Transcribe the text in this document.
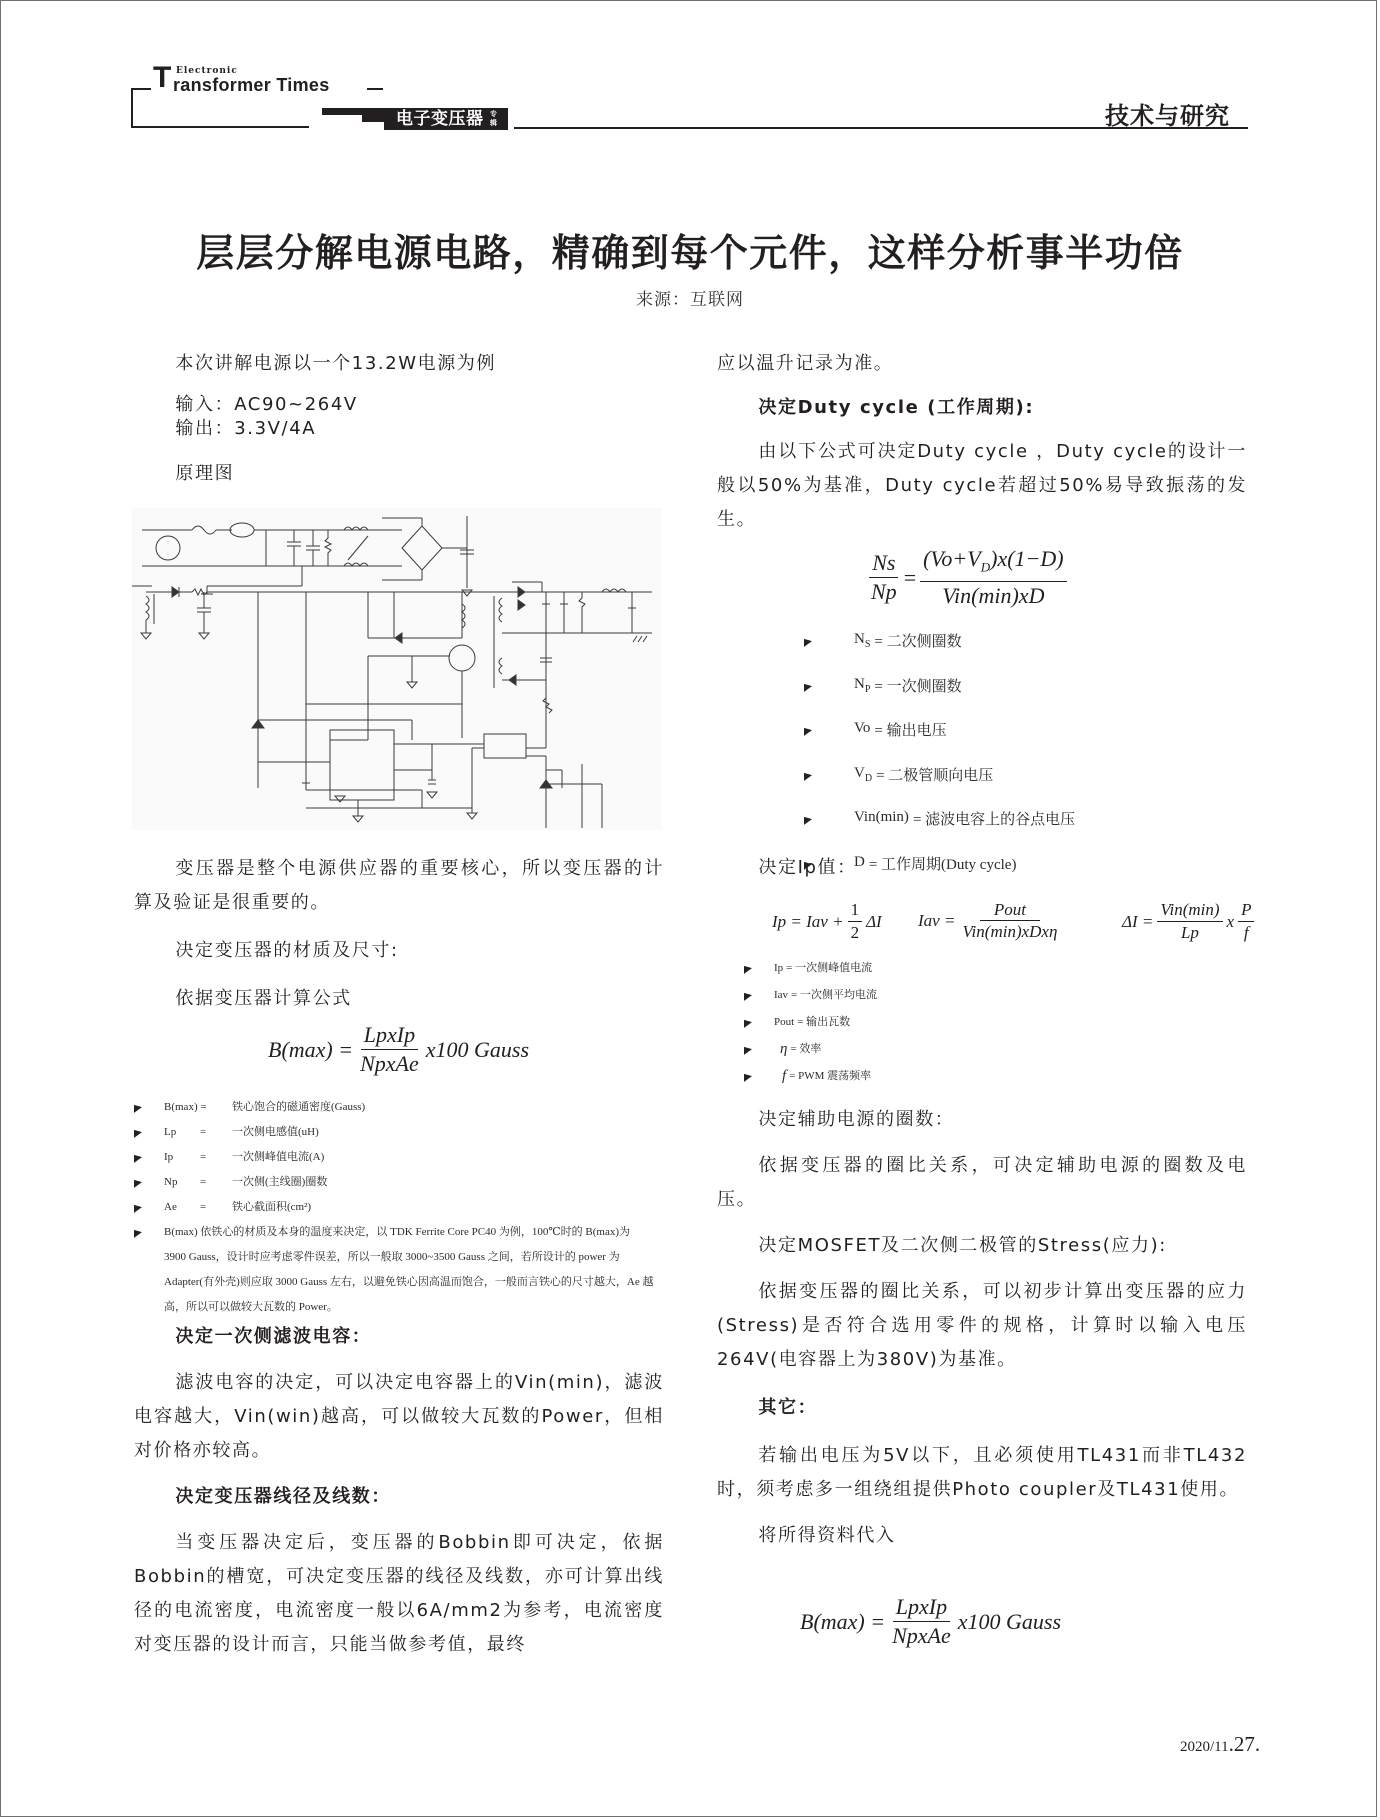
T Electronic
ransformer Times
电子变压器 专辑	技术与研究
层层分解电源电路，精确到每个元件，这样分析事半功倍
来源：互联网

本次讲解电源以一个13.2W电源为例

输入：AC90~264V

输出：3.3V/4A

原理图

变压器是整个电源供应器的重要核心，所以变压器的计算及验证是很重要的。

决定变压器的材质及尺寸:

依据变压器计算公式

$B(\max) = \frac{\text{LpxIp}}{\text{NpxAe}} x100$ Gauss
B(max) =	铁心饱合的磁通密度(Gauss)
Lp	=	一次侧电感值(uH)
Ip	=	一次侧峰值电流(A)
Np	=	一次侧(主线圈)圈数
Ae	=	铁心截面积(cm²)
B(max) 依铁心的材质及本身的温度来决定，以 TDK Ferrite Core PC40 为例，100℃时的 B(max)为 3900 Gauss，设计时应考虑零件误差，所以一般取 3000~3500 Gauss 之间，若所设计的 power 为 Adapter(有外壳)则应取 3000 Gauss 左右，以避免铁心因高温而饱合，一般而言铁心的尺寸越大，Ae 越高，所以可以做较大瓦数的 Power。

决定一次侧滤波电容：

滤波电容的决定，可以决定电容器上的Vin(min)，滤波电容越大，Vin(win)越高，可以做较大瓦数的Power，但相对价格亦较高。

决定变压器线径及线数：

当变压器决定后，变压器的Bobbin即可决定，依据Bobbin的槽宽，可决定变压器的线径及线数，亦可计算出线径的电流密度，电流密度一般以6A/mm2为参考，电流密度对变压器的设计而言，只能当做参考值，最终

应以温升记录为准。

决定Duty cycle (工作周期):

由以下公式可决定Duty cycle ，Duty cycle的设计一般以50%为基准，Duty cycle若超过50%易导致振荡的发生。

$\frac{Ns}{Np} = \frac{(Vo+V_D)x(1-D)}{\text{Vin(min)xD}}$
$N_S$ = 二次侧圈数
$N_P$ = 一次侧圈数
Vo = 输出电压
$V_D$ = 二极管顺向电压
Vin(min) = 滤波电容上的谷点电压
D = 工作周期(Duty cycle)

决定Ip值：

Ip = Iav + $\frac{1}{2}$ ΔI Iav = $\frac{\text{Pout}}{\text{Vin(min)xDxη}}$	$\Delta I = \frac{\text{Vin(min)}}{Lp}$ x $\frac{P}{f}$
Ip = 一次侧峰值电流
Iav = 一次侧平均电流
Pout = 输出瓦数
η = 效率
f = PWM 震荡频率

决定辅助电源的圈数：

依据变压器的圈比关系，可决定辅助电源的圈数及电压。

决定MOSFET及二次侧二极管的Stress(应力):

依据变压器的圈比关系，可以初步计算出变压器的应力(Stress)是否符合选用零件的规格，计算时以输入电压264V(电容器上为380V)为基准。

其它：

若输出电压为5V以下，且必须使用TL431而非TL432时，须考虑多一组绕组提供Photo coupler及TL431使用。

将所得资料代入

$B(\max) = \frac{\text{LpxIp}}{\text{NpxAe}} x100$ Gauss
2020/11.27.
